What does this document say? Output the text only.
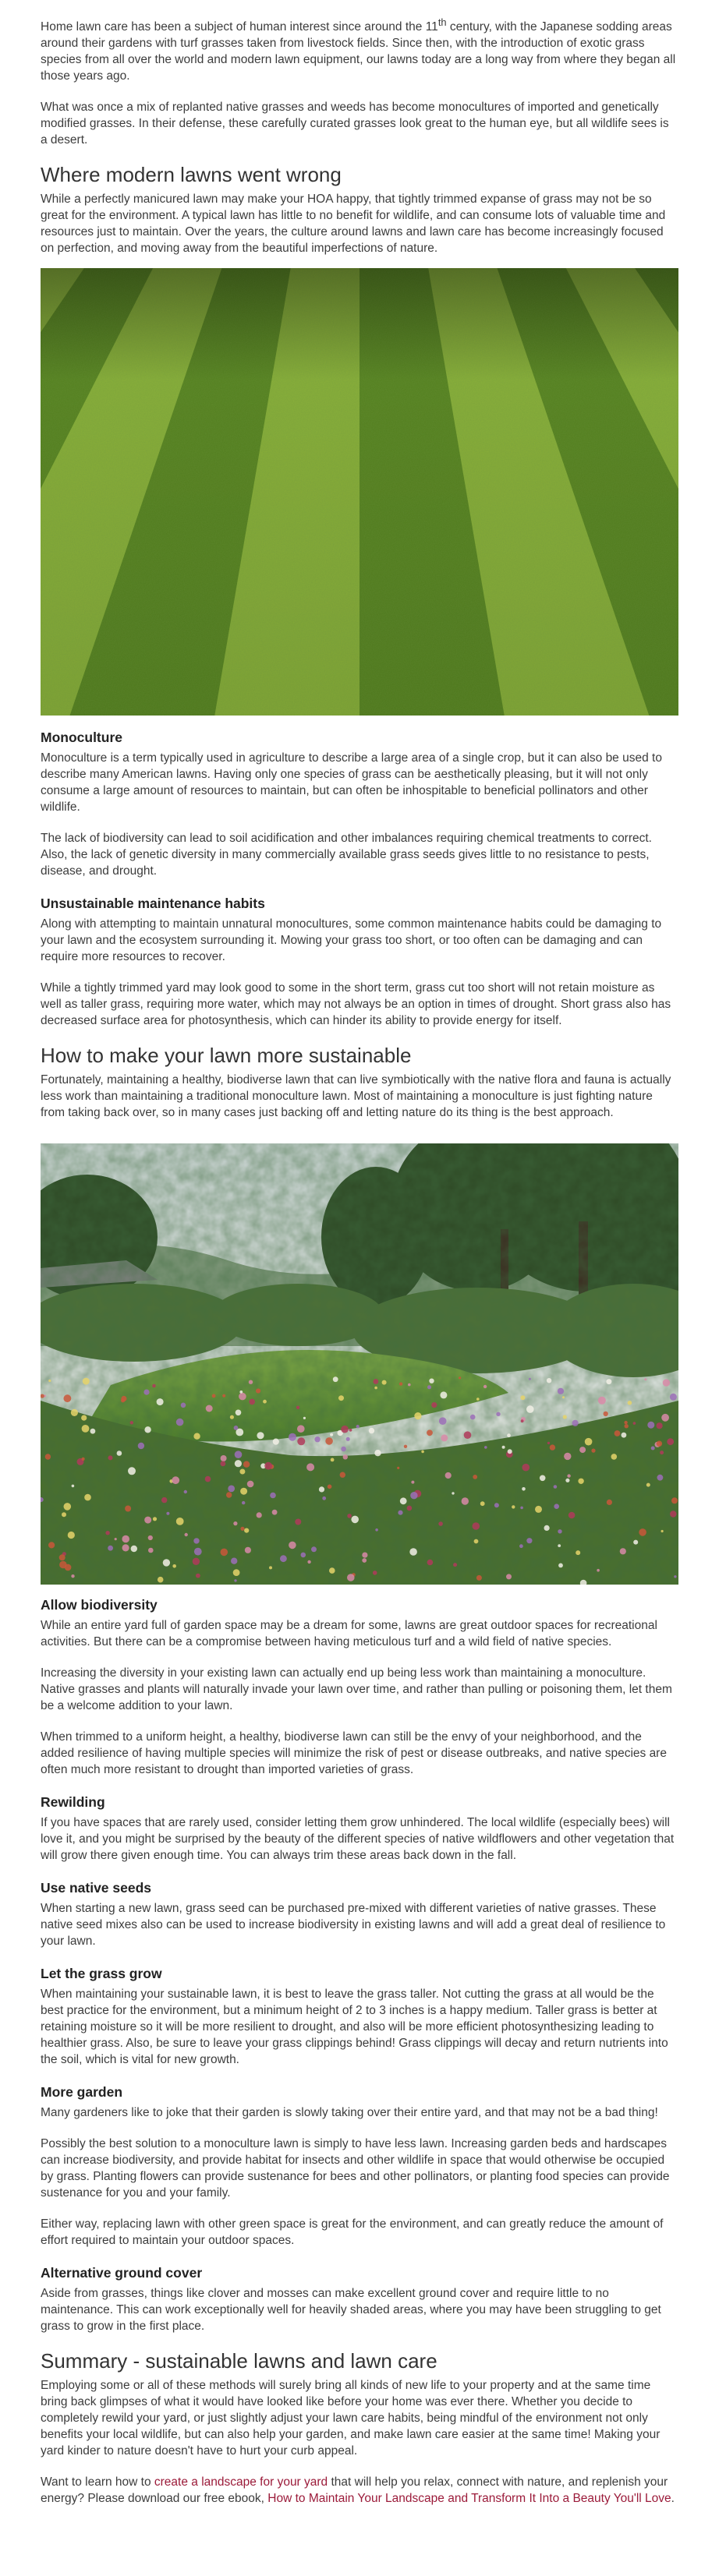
Home lawn care has been a subject of human interest since around the 11th century, with the Japanese sodding areas around their gardens with turf grasses taken from livestock fields. Since then, with the introduction of exotic grass species from all over the world and modern lawn equipment, our lawns today are a long way from where they began all those years ago.

What was once a mix of replanted native grasses and weeds has become monocultures of imported and genetically modified grasses. In their defense, these carefully curated grasses look great to the human eye, but all wildlife sees is a desert.

Where modern lawns went wrong

While a perfectly manicured lawn may make your HOA happy, that tightly trimmed expanse of grass may not be so great for the environment. A typical lawn has little to no benefit for wildlife, and can consume lots of valuable time and resources just to maintain. Over the years, the culture around lawns and lawn care has become increasingly focused on perfection, and moving away from the beautiful imperfections of nature.

Monoculture

Monoculture is a term typically used in agriculture to describe a large area of a single crop, but it can also be used to describe many American lawns. Having only one species of grass can be aesthetically pleasing, but it will not only consume a large amount of resources to maintain, but can often be inhospitable to beneficial pollinators and other wildlife.

The lack of biodiversity can lead to soil acidification and other imbalances requiring chemical treatments to correct. Also, the lack of genetic diversity in many commercially available grass seeds gives little to no resistance to pests, disease, and drought.

Unsustainable maintenance habits

Along with attempting to maintain unnatural monocultures, some common maintenance habits could be damaging to your lawn and the ecosystem surrounding it. Mowing your grass too short, or too often can be damaging and can require more resources to recover.

While a tightly trimmed yard may look good to some in the short term, grass cut too short will not retain moisture as well as taller grass, requiring more water, which may not always be an option in times of drought. Short grass also has decreased surface area for photosynthesis, which can hinder its ability to provide energy for itself.

How to make your lawn more sustainable

Fortunately, maintaining a healthy, biodiverse lawn that can live symbiotically with the native flora and fauna is actually less work than maintaining a traditional monoculture lawn. Most of maintaining a monoculture is just fighting nature from taking back over, so in many cases just backing off and letting nature do its thing is the best approach.

Allow biodiversity

While an entire yard full of garden space may be a dream for some, lawns are great outdoor spaces for recreational activities. But there can be a compromise between having meticulous turf and a wild field of native species.

Increasing the diversity in your existing lawn can actually end up being less work than maintaining a monoculture. Native grasses and plants will naturally invade your lawn over time, and rather than pulling or poisoning them, let them be a welcome addition to your lawn.

When trimmed to a uniform height, a healthy, biodiverse lawn can still be the envy of your neighborhood, and the added resilience of having multiple species will minimize the risk of pest or disease outbreaks, and native species are often much more resistant to drought than imported varieties of grass.

Rewilding

If you have spaces that are rarely used, consider letting them grow unhindered. The local wildlife (especially bees) will love it, and you might be surprised by the beauty of the different species of native wildflowers and other vegetation that will grow there given enough time. You can always trim these areas back down in the fall.

Use native seeds

When starting a new lawn, grass seed can be purchased pre-mixed with different varieties of native grasses. These native seed mixes also can be used to increase biodiversity in existing lawns and will add a great deal of resilience to your lawn.

Let the grass grow

When maintaining your sustainable lawn, it is best to leave the grass taller. Not cutting the grass at all would be the best practice for the environment, but a minimum height of 2 to 3 inches is a happy medium. Taller grass is better at retaining moisture so it will be more resilient to drought, and also will be more efficient photosynthesizing leading to healthier grass. Also, be sure to leave your grass clippings behind! Grass clippings will decay and return nutrients into the soil, which is vital for new growth.

More garden

Many gardeners like to joke that their garden is slowly taking over their entire yard, and that may not be a bad thing!

Possibly the best solution to a monoculture lawn is simply to have less lawn. Increasing garden beds and hardscapes can increase biodiversity, and provide habitat for insects and other wildlife in space that would otherwise be occupied by grass. Planting flowers can provide sustenance for bees and other pollinators, or planting food species can provide sustenance for you and your family.

Either way, replacing lawn with other green space is great for the environment, and can greatly reduce the amount of effort required to maintain your outdoor spaces.

Alternative ground cover

Aside from grasses, things like clover and mosses can make excellent ground cover and require little to no maintenance. This can work exceptionally well for heavily shaded areas, where you may have been struggling to get grass to grow in the first place.

Summary - sustainable lawns and lawn care

Employing some or all of these methods will surely bring all kinds of new life to your property and at the same time bring back glimpses of what it would have looked like before your home was ever there. Whether you decide to completely rewild your yard, or just slightly adjust your lawn care habits, being mindful of the environment not only benefits your local wildlife, but can also help your garden, and make lawn care easier at the same time! Making your yard kinder to nature doesn't have to hurt your curb appeal.

Want to learn how to create a landscape for your yard that will help you relax, connect with nature, and replenish your energy? Please download our free ebook, How to Maintain Your Landscape and Transform It Into a Beauty You'll Love.
